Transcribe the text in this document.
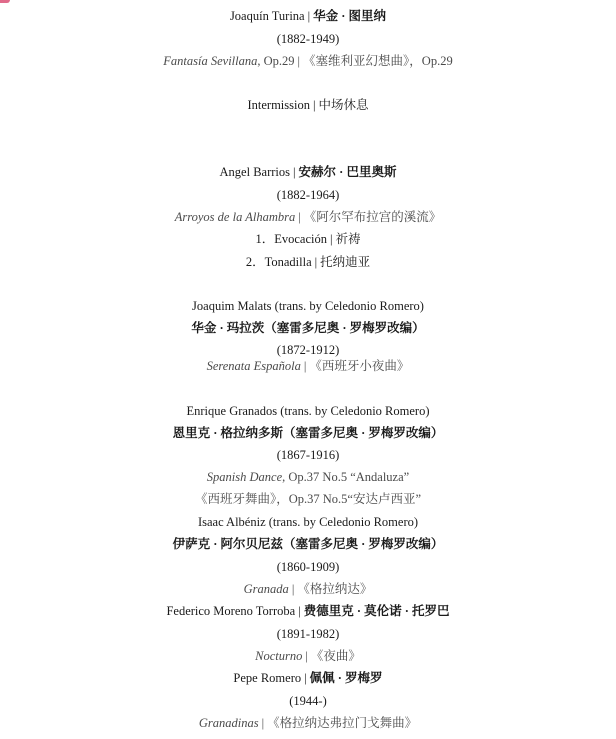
Joaquín Turina | 华金 · 图里纳
(1882-1949)
Fantasía Sevillana, Op.29 | 《塞维利亚幻想曲》，Op.29
Intermission | 中场休息
Angel Barrios | 安赫尔 · 巴里奥斯
(1882-1964)
Arroyos de la Alhambra | 《阿尔罕布拉宫的溪流》
1．Evocación | 祈祷
2．Tonadilla | 托纳迪亚
Joaquim Malats (trans. by Celedonio Romero)
华金 · 玛拉茨（塞雷多尼奥 · 罗梅罗改编）
(1872-1912)
Serenata Española | 《西班牙小夜曲》
Enrique Granados (trans. by Celedonio Romero)
恩里克 · 格拉纳多斯（塞雷多尼奥 · 罗梅罗改编）
(1867-1916)
Spanish Dance, Op.37 No.5 “Andaluza”
《西班牙舞曲》，Op.37 No.5“安达卢西亚”
Isaac Albéniz (trans. by Celedonio Romero)
伊萨克 · 阿尔贝尼兹（塞雷多尼奥 · 罗梅罗改编）
(1860-1909)
Granada | 《格拉纳达》
Federico Moreno Torroba | 费德里克 · 莫伦诺 · 托罗巴
(1891-1982)
Nocturno | 《夜曲》
Pepe Romero | 佩佩 · 罗梅罗
(1944-)
Granadinas | 《格拉纳达弗拉门戈舞曲》
